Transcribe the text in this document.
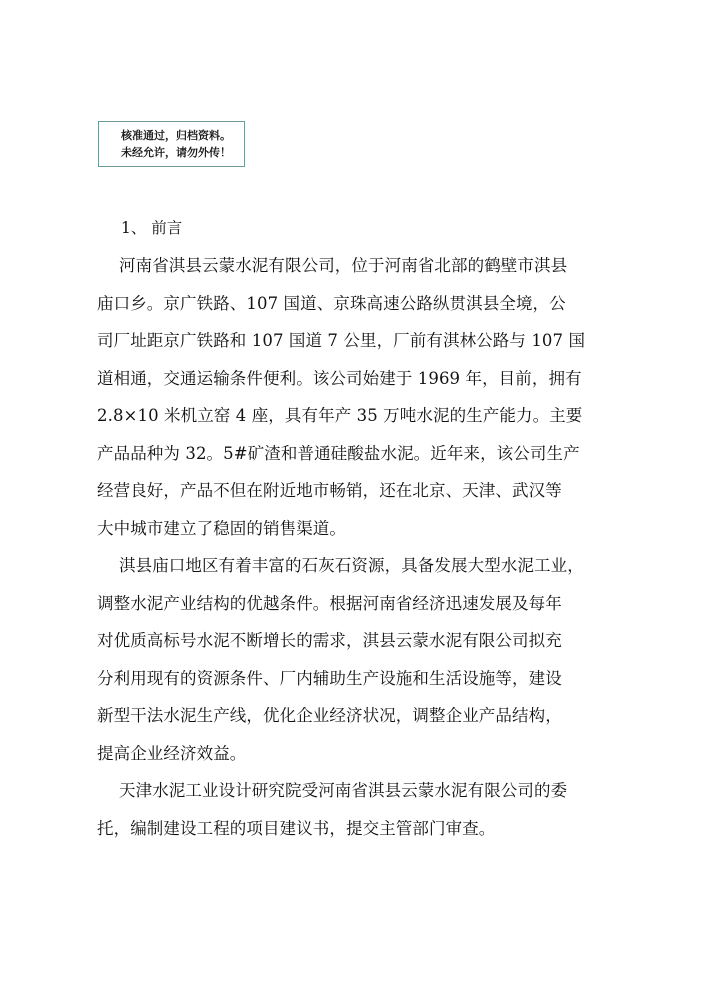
核准通过，归档资料。
未经允许，请勿外传！
1、 前言
河南省淇县云蒙水泥有限公司，位于河南省北部的鹤壁市淇县
庙口乡。京广铁路、107 国道、京珠高速公路纵贯淇县全境，公
司厂址距京广铁路和 107 国道 7 公里，厂前有淇林公路与 107 国
道相通，交通运输条件便利。该公司始建于 1969 年，目前，拥有
2.8×10 米机立窑 4 座，具有年产 35 万吨水泥的生产能力。主要
产品品种为 32。5#矿渣和普通硅酸盐水泥。近年来，该公司生产
经营良好，产品不但在附近地市畅销，还在北京、天津、武汉等
大中城市建立了稳固的销售渠道。
淇县庙口地区有着丰富的石灰石资源，具备发展大型水泥工业，
调整水泥产业结构的优越条件。根据河南省经济迅速发展及每年
对优质高标号水泥不断增长的需求，淇县云蒙水泥有限公司拟充
分利用现有的资源条件、厂内辅助生产设施和生活设施等，建设
新型干法水泥生产线，优化企业经济状况，调整企业产品结构，
提高企业经济效益。
天津水泥工业设计研究院受河南省淇县云蒙水泥有限公司的委
托，编制建设工程的项目建议书，提交主管部门审查。
